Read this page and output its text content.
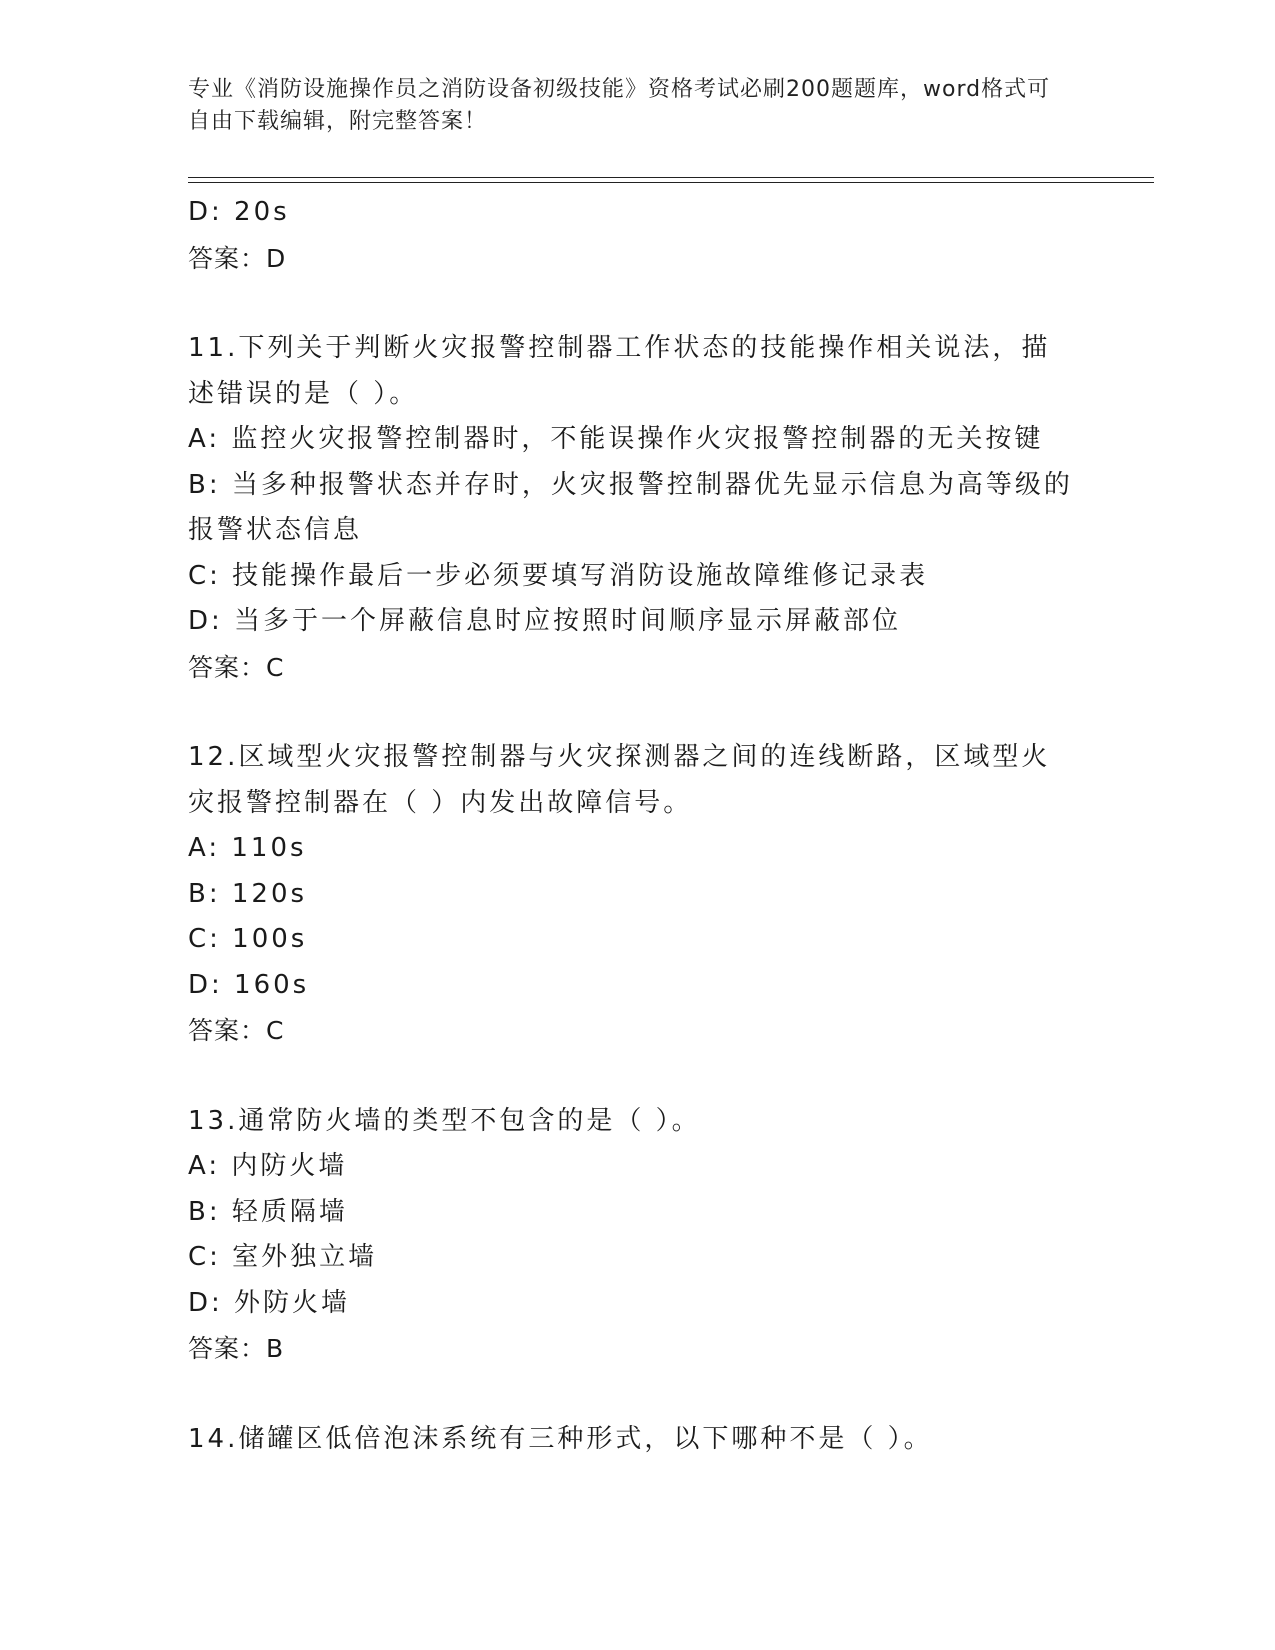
专业《消防设施操作员之消防设备初级技能》资格考试必刷200题题库，word格式可自由下载编辑，附完整答案！
D: 20s
答案：D
11.下列关于判断火灾报警控制器工作状态的技能操作相关说法，描述错误的是（ ）。
A: 监控火灾报警控制器时，不能误操作火灾报警控制器的无关按键
B: 当多种报警状态并存时，火灾报警控制器优先显示信息为高等级的报警状态信息
C: 技能操作最后一步必须要填写消防设施故障维修记录表
D: 当多于一个屏蔽信息时应按照时间顺序显示屏蔽部位
答案：C
12.区域型火灾报警控制器与火灾探测器之间的连线断路，区域型火灾报警控制器在（ ）内发出故障信号。
A: 110s
B: 120s
C: 100s
D: 160s
答案：C
13.通常防火墙的类型不包含的是（ ）。
A: 内防火墙
B: 轻质隔墙
C: 室外独立墙
D: 外防火墙
答案：B
14.储罐区低倍泡沫系统有三种形式，以下哪种不是（ ）。
